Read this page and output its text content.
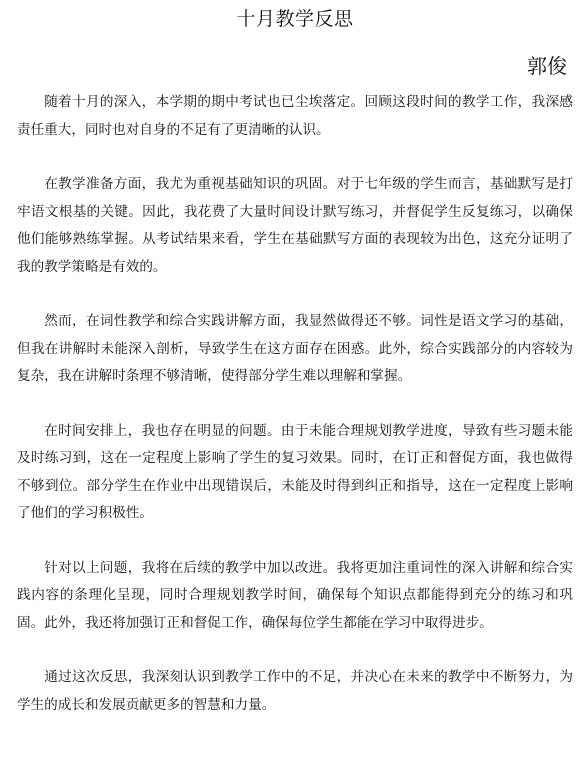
十月教学反思
郭俊

随着十月的深入，本学期的期中考试也已尘埃落定。回顾这段时间的教学工作，我深感责任重大，同时也对自身的不足有了更清晰的认识。

在教学准备方面，我尤为重视基础知识的巩固。对于七年级的学生而言，基础默写是打牢语文根基的关键。因此，我花费了大量时间设计默写练习，并督促学生反复练习，以确保他们能够熟练掌握。从考试结果来看，学生在基础默写方面的表现较为出色，这充分证明了我的教学策略是有效的。

然而，在词性教学和综合实践讲解方面，我显然做得还不够。词性是语文学习的基础，但我在讲解时未能深入剖析，导致学生在这方面存在困惑。此外，综合实践部分的内容较为复杂，我在讲解时条理不够清晰，使得部分学生难以理解和掌握。

在时间安排上，我也存在明显的问题。由于未能合理规划教学进度，导致有些习题未能及时练习到，这在一定程度上影响了学生的复习效果。同时，在订正和督促方面，我也做得不够到位。部分学生在作业中出现错误后，未能及时得到纠正和指导，这在一定程度上影响了他们的学习积极性。

针对以上问题，我将在后续的教学中加以改进。我将更加注重词性的深入讲解和综合实践内容的条理化呈现，同时合理规划教学时间，确保每个知识点都能得到充分的练习和巩固。此外，我还将加强订正和督促工作，确保每位学生都能在学习中取得进步。

通过这次反思，我深刻认识到教学工作中的不足，并决心在未来的教学中不断努力，为学生的成长和发展贡献更多的智慧和力量。
